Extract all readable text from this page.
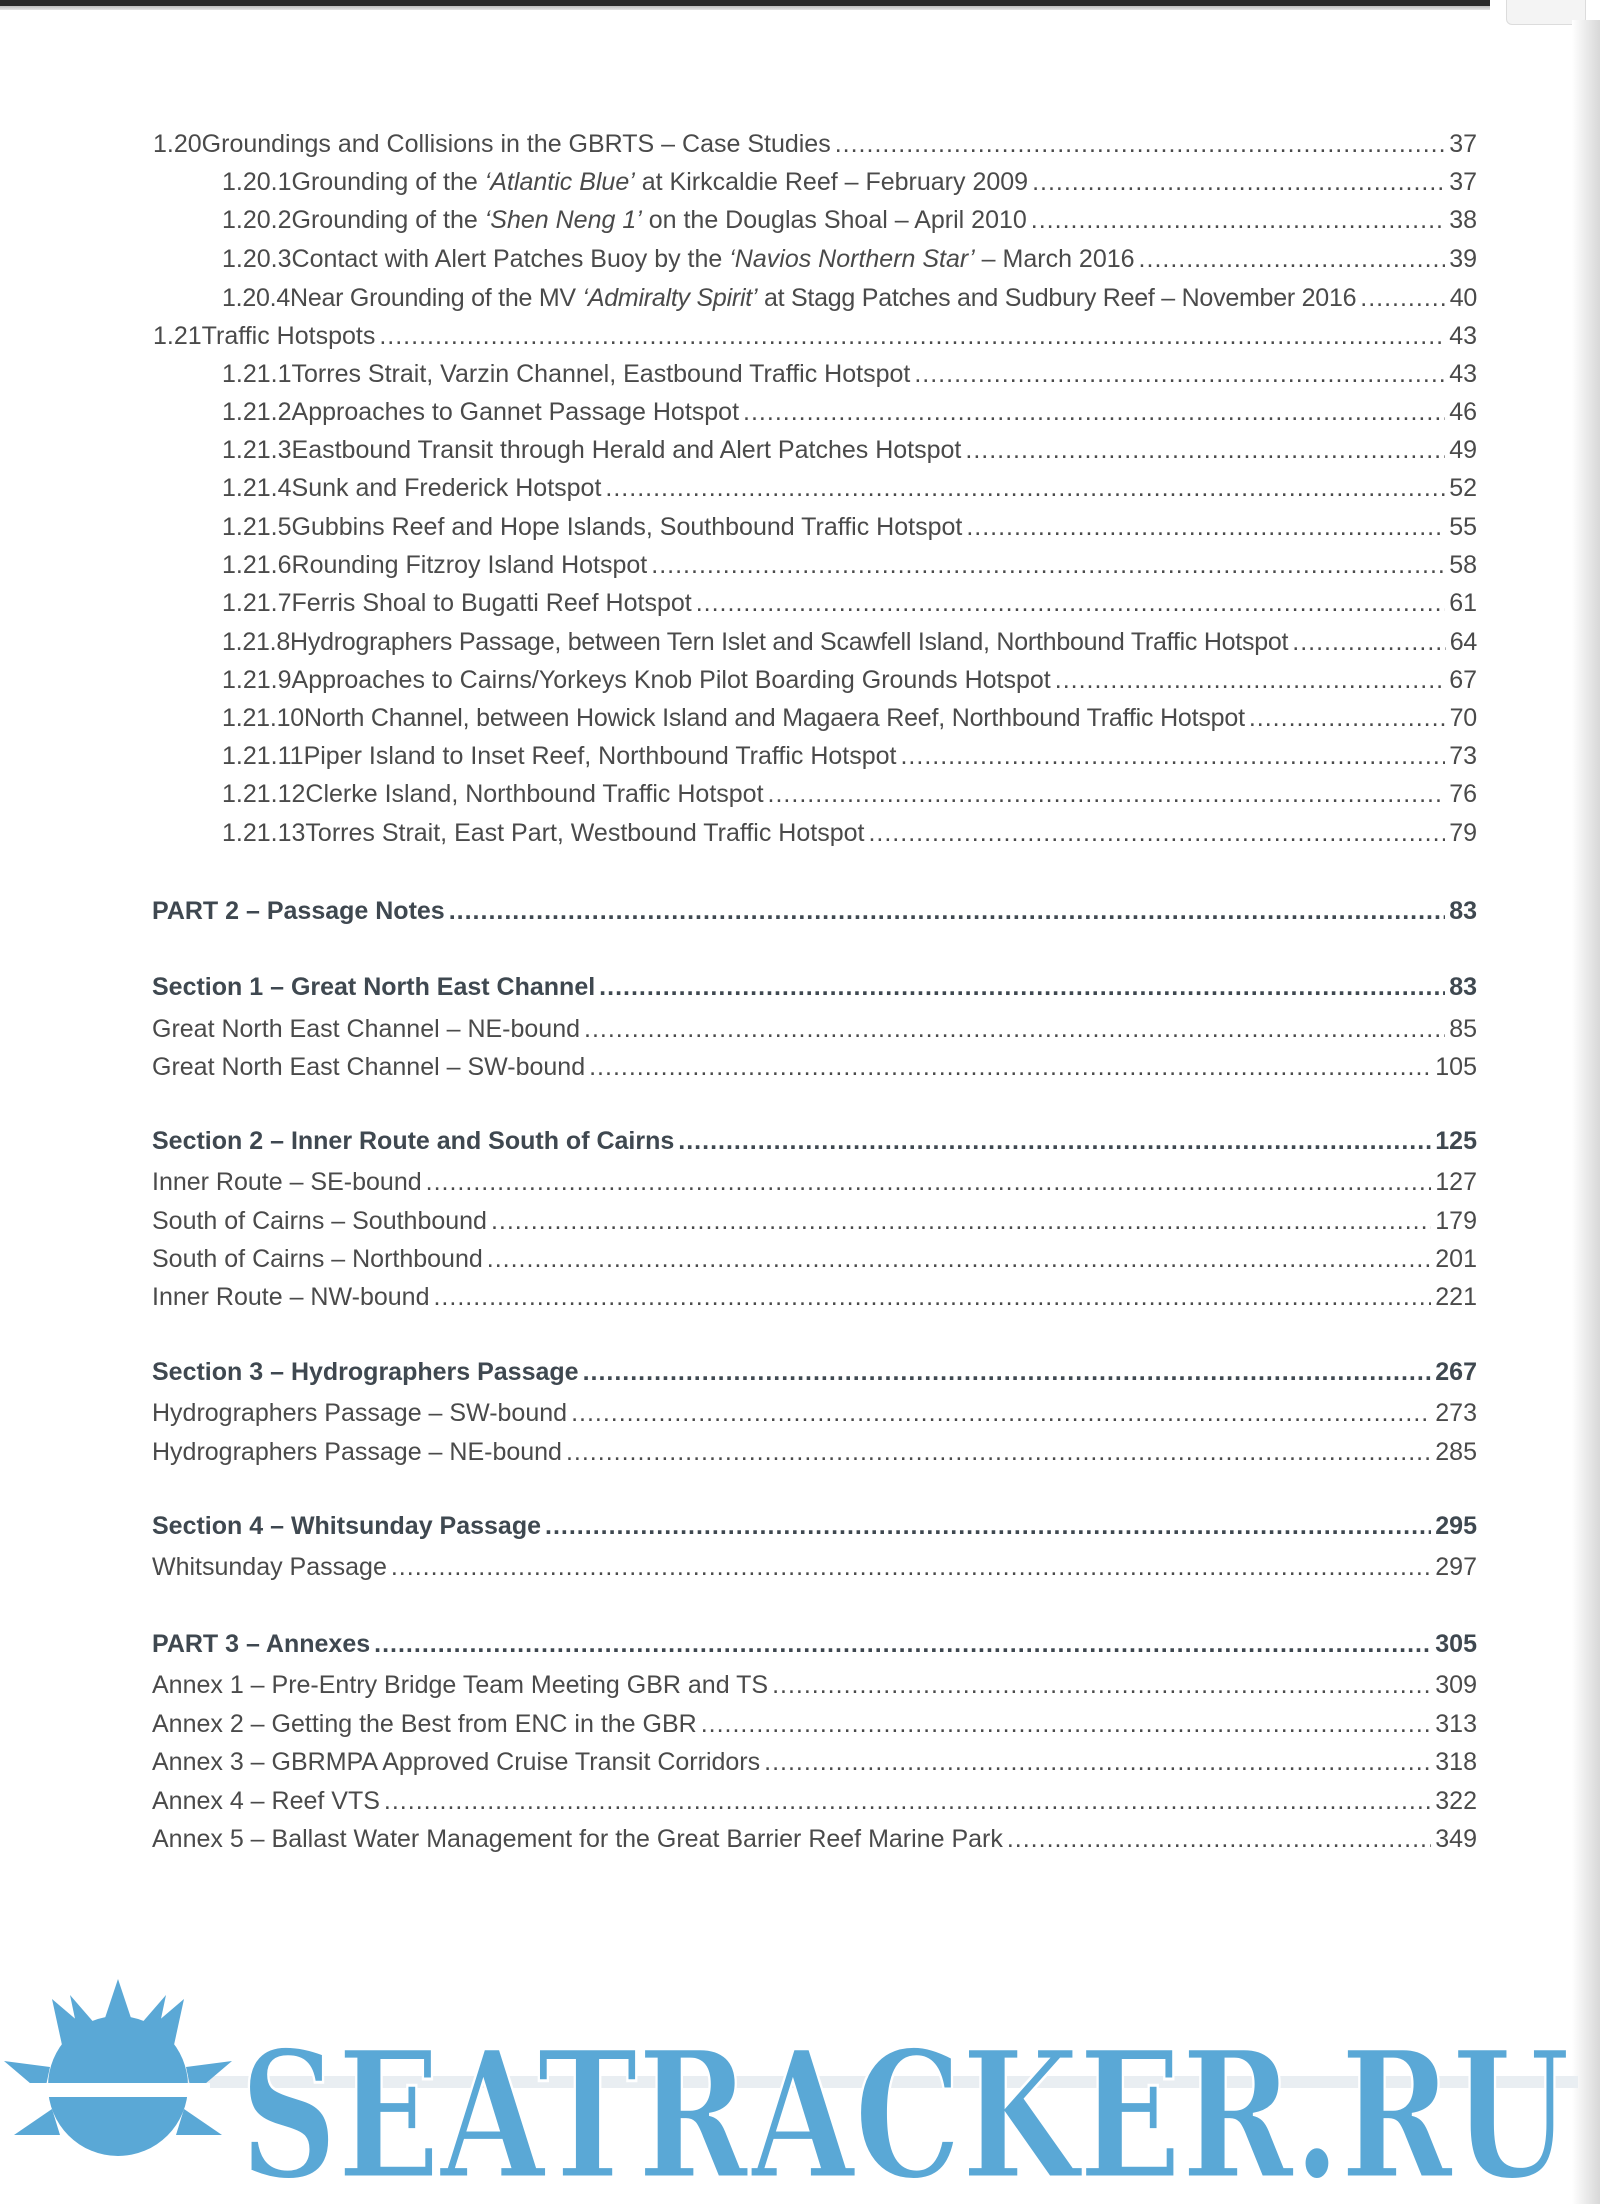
1.20 Groundings and Collisions in the GBRTS – Case Studies .....	37
1.20.1 Grounding of the ‘Atlantic Blue’ at Kirkcaldie Reef – February 2009 .....	37
1.20.2 Grounding of the ‘Shen Neng 1’ on the Douglas Shoal – April 2010 .....	38
1.20.3 Contact with Alert Patches Buoy by the ‘Navios Northern Star’ – March 2016 .....	39
1.20.4 Near Grounding of the MV ‘Admiralty Spirit’ at Stagg Patches and Sudbury Reef – November 2016 .....	40
1.21 Traffic Hotspots .....	43
1.21.1 Torres Strait, Varzin Channel, Eastbound Traffic Hotspot .....	43
1.21.2 Approaches to Gannet Passage Hotspot .....	46
1.21.3 Eastbound Transit through Herald and Alert Patches Hotspot .....	49
1.21.4 Sunk and Frederick Hotspot .....	52
1.21.5 Gubbins Reef and Hope Islands, Southbound Traffic Hotspot .....	55
1.21.6 Rounding Fitzroy Island Hotspot .....	58
1.21.7 Ferris Shoal to Bugatti Reef Hotspot .....	61
1.21.8 Hydrographers Passage, between Tern Islet and Scawfell Island, Northbound Traffic Hotspot .....	64
1.21.9 Approaches to Cairns/Yorkeys Knob Pilot Boarding Grounds Hotspot .....	67
1.21.10 North Channel, between Howick Island and Magaera Reef, Northbound Traffic Hotspot .....	70
1.21.11 Piper Island to Inset Reef, Northbound Traffic Hotspot .....	73
1.21.12 Clerke Island, Northbound Traffic Hotspot .....	76
1.21.13 Torres Strait, East Part, Westbound Traffic Hotspot .....	79
PART 2 – Passage Notes .....	83
Section 1 – Great North East Channel .....	83
Great North East Channel – NE-bound .....	85
Great North East Channel – SW-bound .....	105
Section 2 – Inner Route and South of Cairns .....	125
Inner Route – SE-bound .....	127
South of Cairns – Southbound .....	179
South of Cairns – Northbound .....	201
Inner Route – NW-bound .....	221
Section 3 – Hydrographers Passage .....	267
Hydrographers Passage – SW-bound .....	273
Hydrographers Passage – NE-bound .....	285
Section 4 – Whitsunday Passage .....	295
Whitsunday Passage .....	297
PART 3 – Annexes .....	305
Annex 1 – Pre-Entry Bridge Team Meeting GBR and TS .....	309
Annex 2 – Getting the Best from ENC in the GBR .....	313
Annex 3 – GBRMPA Approved Cruise Transit Corridors .....	318
Annex 4 – Reef VTS .....	322
Annex 5 – Ballast Water Management for the Great Barrier Reef Marine Park .....	349
IV
SEATRACKER.RU
